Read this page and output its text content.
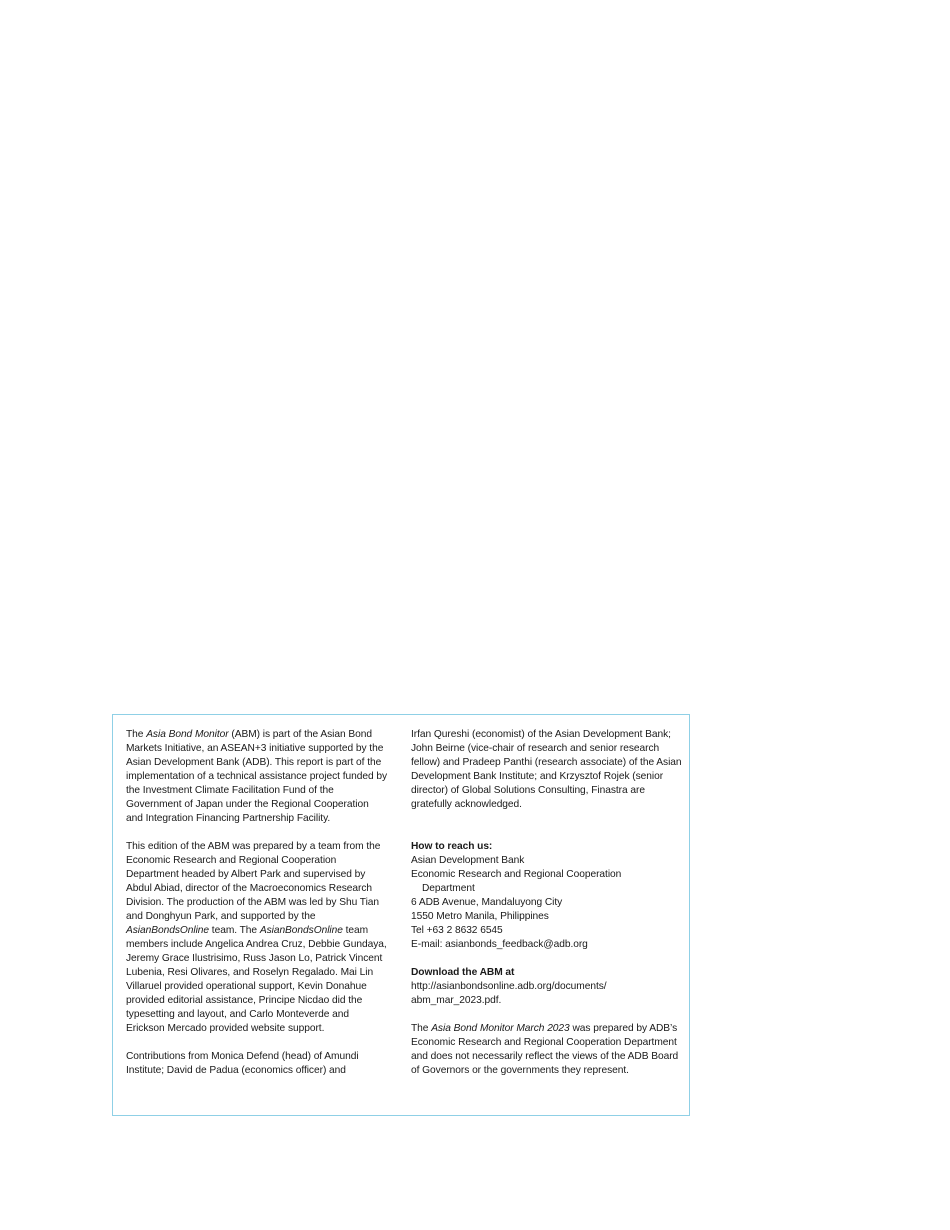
The Asia Bond Monitor (ABM) is part of the Asian Bond Markets Initiative, an ASEAN+3 initiative supported by the Asian Development Bank (ADB). This report is part of the implementation of a technical assistance project funded by the Investment Climate Facilitation Fund of the Government of Japan under the Regional Cooperation and Integration Financing Partnership Facility.

This edition of the ABM was prepared by a team from the Economic Research and Regional Cooperation Department headed by Albert Park and supervised by Abdul Abiad, director of the Macroeconomics Research Division. The production of the ABM was led by Shu Tian and Donghyun Park, and supported by the AsianBondsOnline team. The AsianBondsOnline team members include Angelica Andrea Cruz, Debbie Gundaya, Jeremy Grace Ilustrisimo, Russ Jason Lo, Patrick Vincent Lubenia, Resi Olivares, and Roselyn Regalado. Mai Lin Villaruel provided operational support, Kevin Donahue provided editorial assistance, Principe Nicdao did the typesetting and layout, and Carlo Monteverde and Erickson Mercado provided website support.

Contributions from Monica Defend (head) of Amundi Institute; David de Padua (economics officer) and

Irfan Qureshi (economist) of the Asian Development Bank; John Beirne (vice-chair of research and senior research fellow) and Pradeep Panthi (research associate) of the Asian Development Bank Institute; and Krzysztof Rojek (senior director) of Global Solutions Consulting, Finastra are gratefully acknowledged.

How to reach us:
Asian Development Bank
Economic Research and Regional Cooperation
Department
6 ADB Avenue, Mandaluyong City
1550 Metro Manila, Philippines
Tel +63 2 8632 6545
E-mail: asianbonds_feedback@adb.org
Download the ABM at
http://asianbondsonline.adb.org/documents/
abm_mar_2023.pdf.

The Asia Bond Monitor March 2023 was prepared by ADB’s Economic Research and Regional Cooperation Department and does not necessarily reflect the views of the ADB Board of Governors or the governments they represent.
